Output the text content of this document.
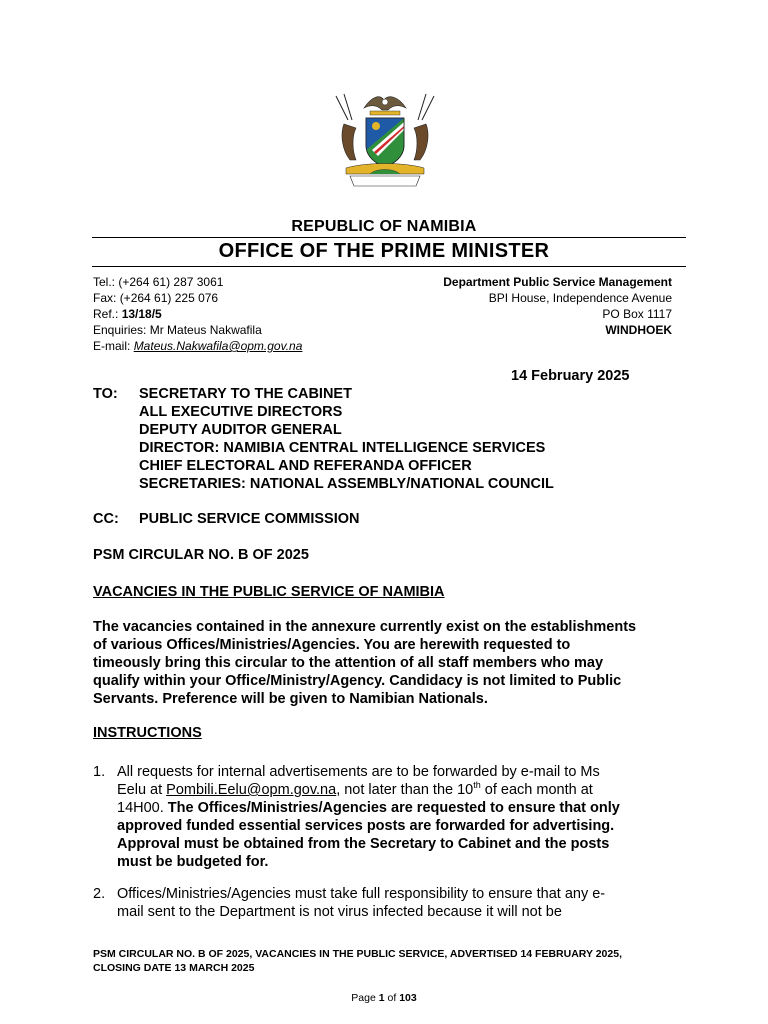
REPUBLIC OF NAMIBIA
OFFICE OF THE PRIME MINISTER
Tel.: (+264 61) 287 3061
Fax: (+264 61) 225 076
Ref.: 13/18/5
Enquiries: Mr Mateus Nakwafila
E-mail: Mateus.Nakwafila@opm.gov.na
Department Public Service Management
BPI House, Independence Avenue
PO Box 1117
WINDHOEK
14 February 2025
TO: SECRETARY TO THE CABINET
ALL EXECUTIVE DIRECTORS
DEPUTY AUDITOR GENERAL
DIRECTOR: NAMIBIA CENTRAL INTELLIGENCE SERVICES
CHIEF ELECTORAL AND REFERANDA OFFICER
SECRETARIES: NATIONAL ASSEMBLY/NATIONAL COUNCIL
CC: PUBLIC SERVICE COMMISSION
PSM CIRCULAR NO. B OF 2025
VACANCIES IN THE PUBLIC SERVICE OF NAMIBIA
The vacancies contained in the annexure currently exist on the establishments
of various Offices/Ministries/Agencies. You are herewith requested to
timeously bring this circular to the attention of all staff members who may
qualify within your Office/Ministry/Agency. Candidacy is not limited to Public
Servants. Preference will be given to Namibian Nationals.
INSTRUCTIONS
1. All requests for internal advertisements are to be forwarded by e-mail to Ms
Eelu at Pombili.Eelu@opm.gov.na, not later than the 10th of each month at
14H00. The Offices/Ministries/Agencies are requested to ensure that only
approved funded essential services posts are forwarded for advertising.
Approval must be obtained from the Secretary to Cabinet and the posts
must be budgeted for.
2. Offices/Ministries/Agencies must take full responsibility to ensure that any e-
mail sent to the Department is not virus infected because it will not be
PSM CIRCULAR NO. B OF 2025, VACANCIES IN THE PUBLIC SERVICE, ADVERTISED 14 FEBRUARY 2025,
CLOSING DATE 13 MARCH 2025
Page 1 of 103
